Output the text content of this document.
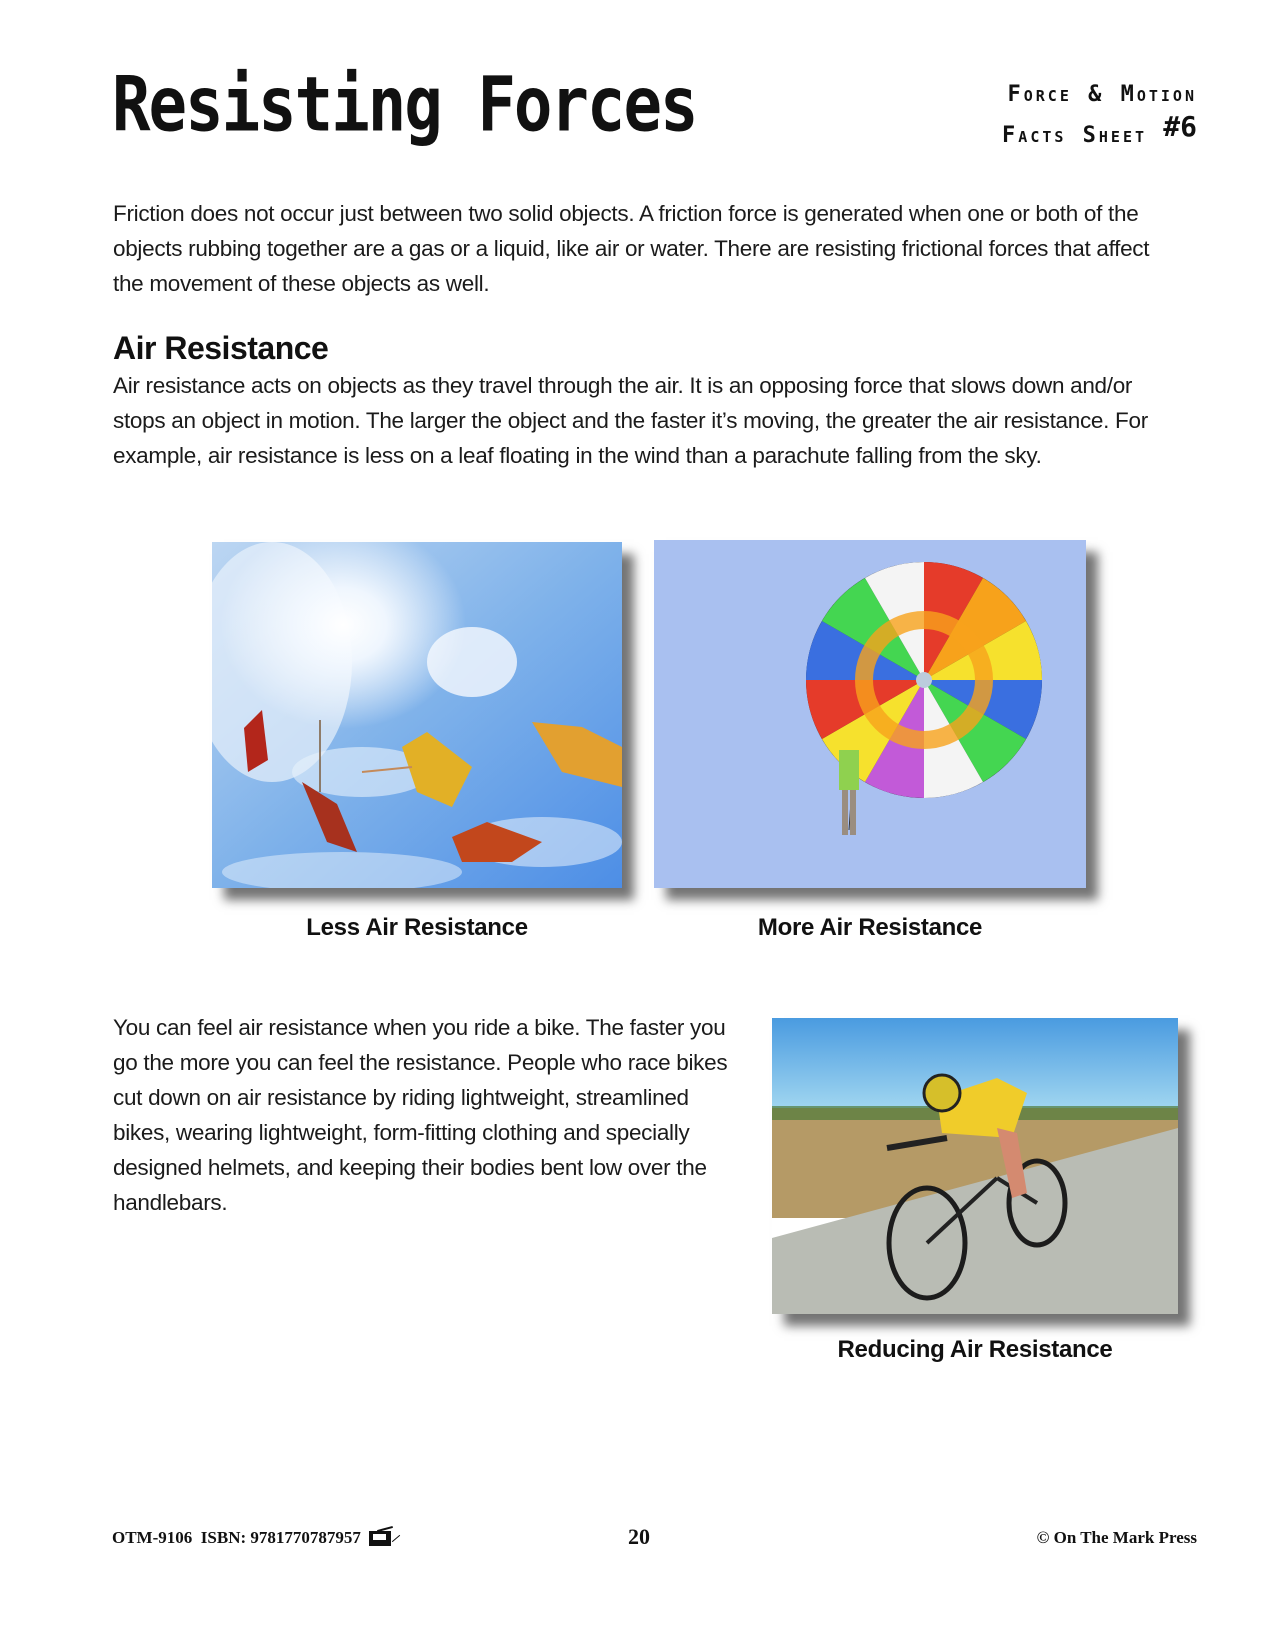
Resisting Forces	Force & Motion
Facts Sheet #6
Friction does not occur just between two solid objects. A friction force is generated when one or both of the objects rubbing together are a gas or a liquid, like air or water. There are resisting frictional forces that affect the movement of these objects as well.
Air Resistance
Air resistance acts on objects as they travel through the air. It is an opposing force that slows down and/or stops an object in motion. The larger the object and the faster it’s moving, the greater the air resistance. For example, air resistance is less on a leaf floating in the wind than a parachute falling from the sky.
Less Air Resistance	More Air Resistance
You can feel air resistance when you ride a bike. The faster you go the more you can feel the resistance. People who race bikes cut down on air resistance by riding lightweight, streamlined bikes, wearing lightweight, form-fitting clothing and specially designed helmets, and keeping their bodies bent low over the handlebars.
Reducing Air Resistance
OTM-9106 ISBN: 9781770787957	20	© On The Mark Press
